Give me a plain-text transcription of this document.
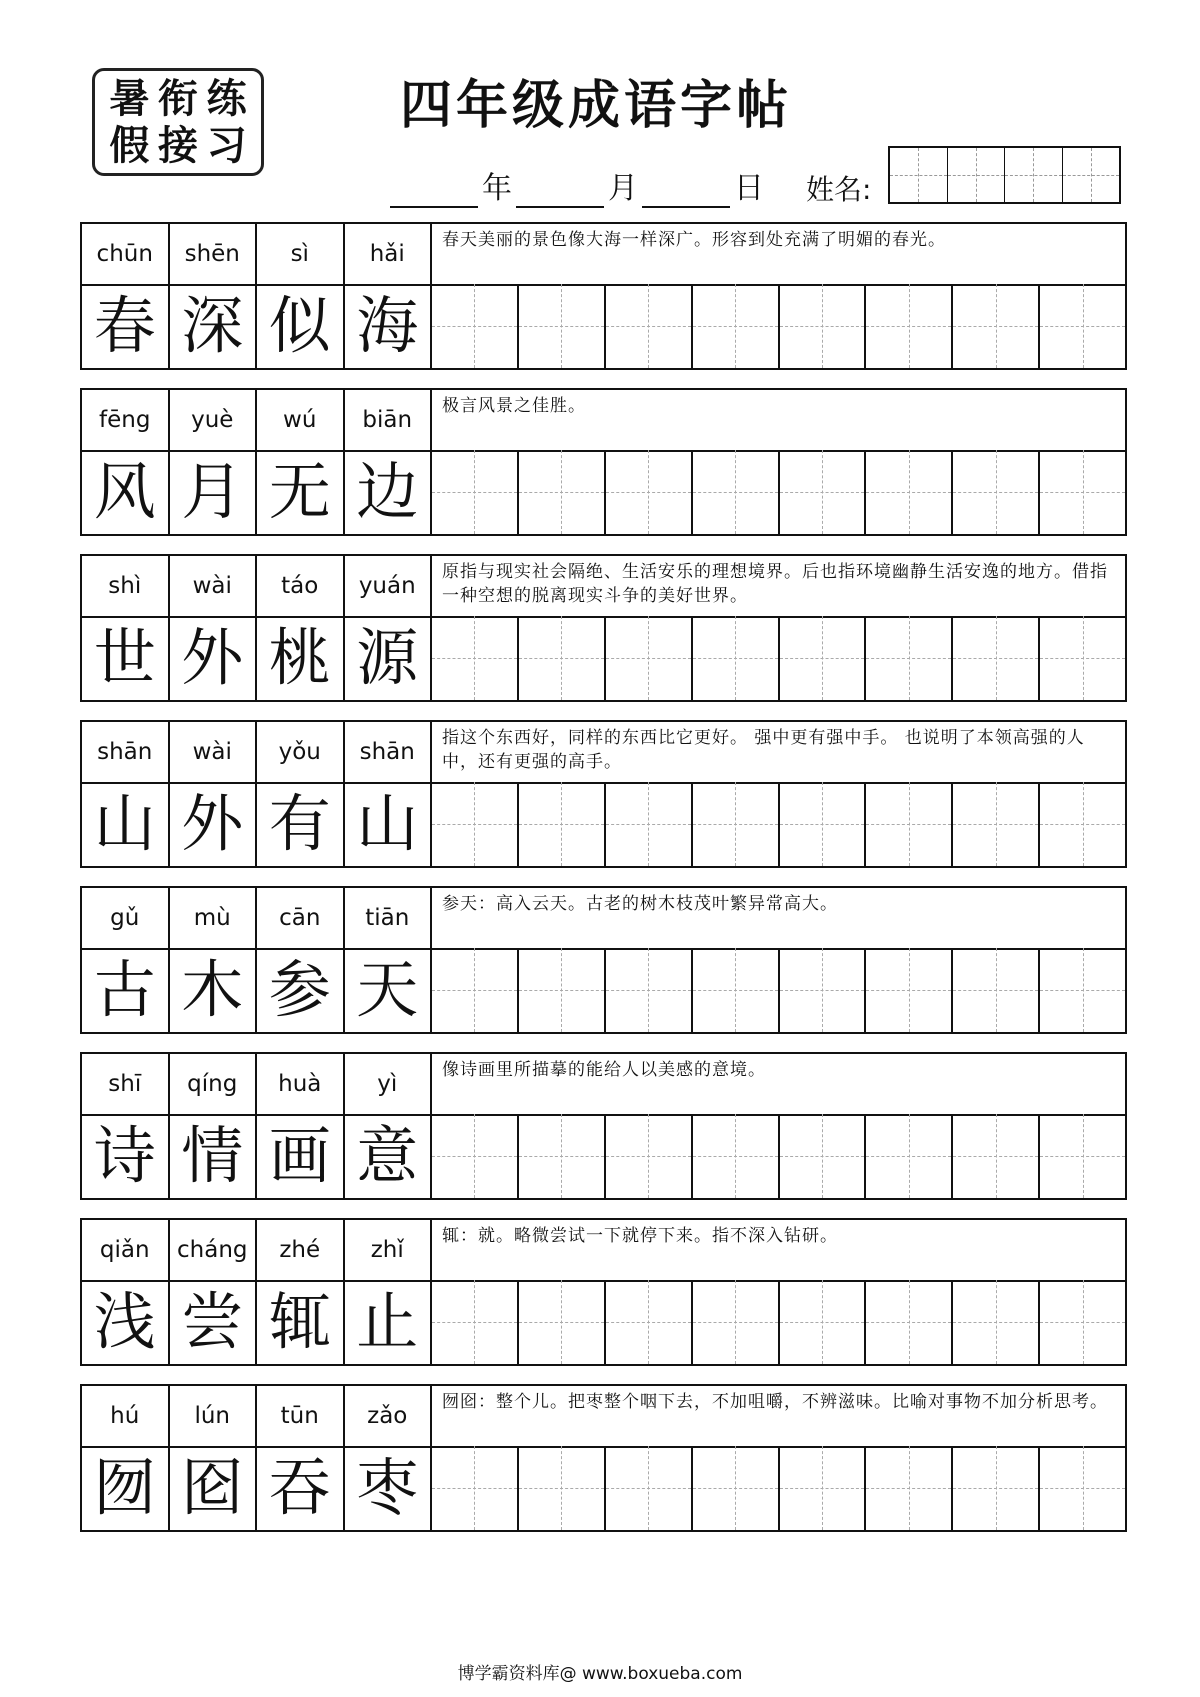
暑 衔 练
假 接 习
四年级成语字帖
年	月	日 姓名:
chūn	shēn	sì	hǎi
春天美丽的景色像大海一样深广。形容到处充满了明媚的春光。
春 深 似 海
fēng	yuè	wú	biān
极言风景之佳胜。
风 月 无 边
shì	wài	táo	yuán
原指与现实社会隔绝、生活安乐的理想境界。后也指环境幽静生活安逸的地方。借指一种空想的脱离现实斗争的美好世界。
世 外 桃 源
shān	wài	yǒu	shān
指这个东西好，同样的东西比它更好。 强中更有强中手。 也说明了本领高强的人中，还有更强的高手。
山 外 有 山
gǔ	mù	cān	tiān
参天：高入云天。古老的树木枝茂叶繁异常高大。
古 木 参 天
shī	qíng	huà	yì
像诗画里所描摹的能给人以美感的意境。
诗 情 画 意
qiǎn	cháng	zhé	zhǐ
辄：就。略微尝试一下就停下来。指不深入钻研。
浅 尝 辄 止
hú	lún	tūn	zǎo
囫囵：整个儿。把枣整个咽下去，不加咀嚼，不辨滋味。比喻对事物不加分析思考。
囫 囵 吞 枣
博学霸资料库@ www.boxueba.com
